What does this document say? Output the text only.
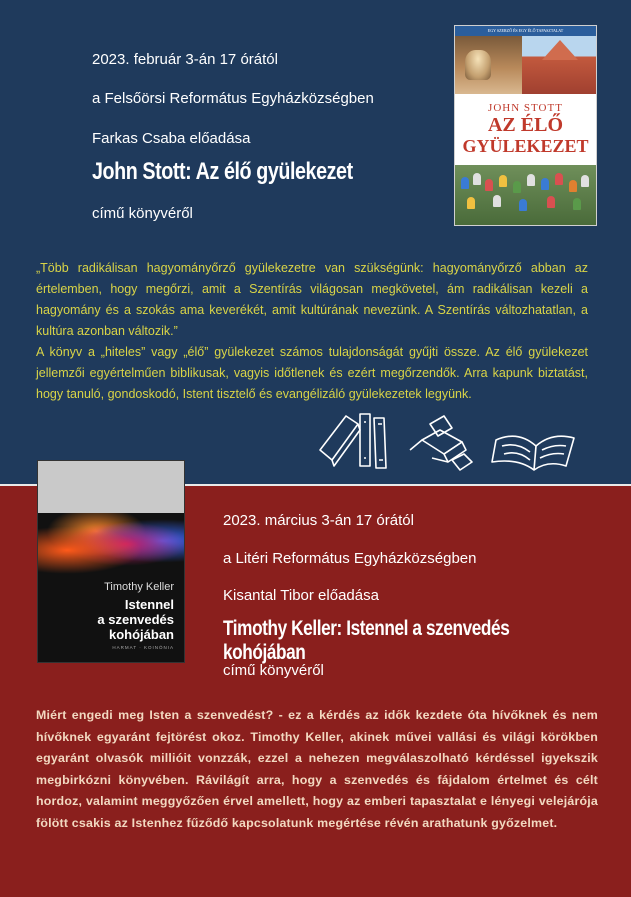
2023. február 3-án 17 órától
a Felsőörsi Református Egyházközségben
Farkas Csaba előadása
John Stott: Az élő gyülekezet
című könyvéről
EGY SZERZŐ ÉS EGY ÉLŐ TAPASZTALAT
JOHN STOTT
AZ ÉLŐ
GYÜLEKEZET

„Több radikálisan hagyományőrző gyülekezetre van szükségünk: hagyományőrző abban az értelemben, hogy megőrzi, amit a Szentírás világosan megkövetel, ám radikálisan kezeli a hagyomány és a szokás ama keverékét, amit kultúrának nevezünk. A Szentírás változhatatlan, a kultúra azonban változik.”

A könyv a „hiteles” vagy „élő” gyülekezet számos tulajdonságát gyűjti össze. Az élő gyülekezet jellemzői egyértelműen biblikusak, vagyis időtlenek és ezért megőrzendők. Arra kapunk biztatást, hogy tanuló, gondoskodó, Istent tisztelő és evangélizáló gyülekezetek legyünk.

Timothy Keller
Istennel
a szenvedés
kohójában
HARMAT · KOINÓNIA
2023. március 3-án 17 órától
a Litéri Református Egyházközségben
Kisantal Tibor előadása
Timothy Keller: Istennel a szenvedés kohójában
című könyvéről
Miért engedi meg Isten a szenvedést? - ez a kérdés az idők kezdete óta hívőknek és nem hívőknek egyaránt fejtörést okoz. Timothy Keller, akinek művei vallási és világi körökben egyaránt olvasók millióit vonzzák, ezzel a nehezen megválaszolható kérdéssel igyekszik megbirkózni könyvében. Rávilágít arra, hogy a szenvedés és fájdalom értelmet és célt hordoz, valamint meggyőzően érvel amellett, hogy az emberi tapasztalat e lényegi velejárója fölött csakis az Istenhez fűződő kapcsolatunk megértése révén arathatunk győzelmet.
